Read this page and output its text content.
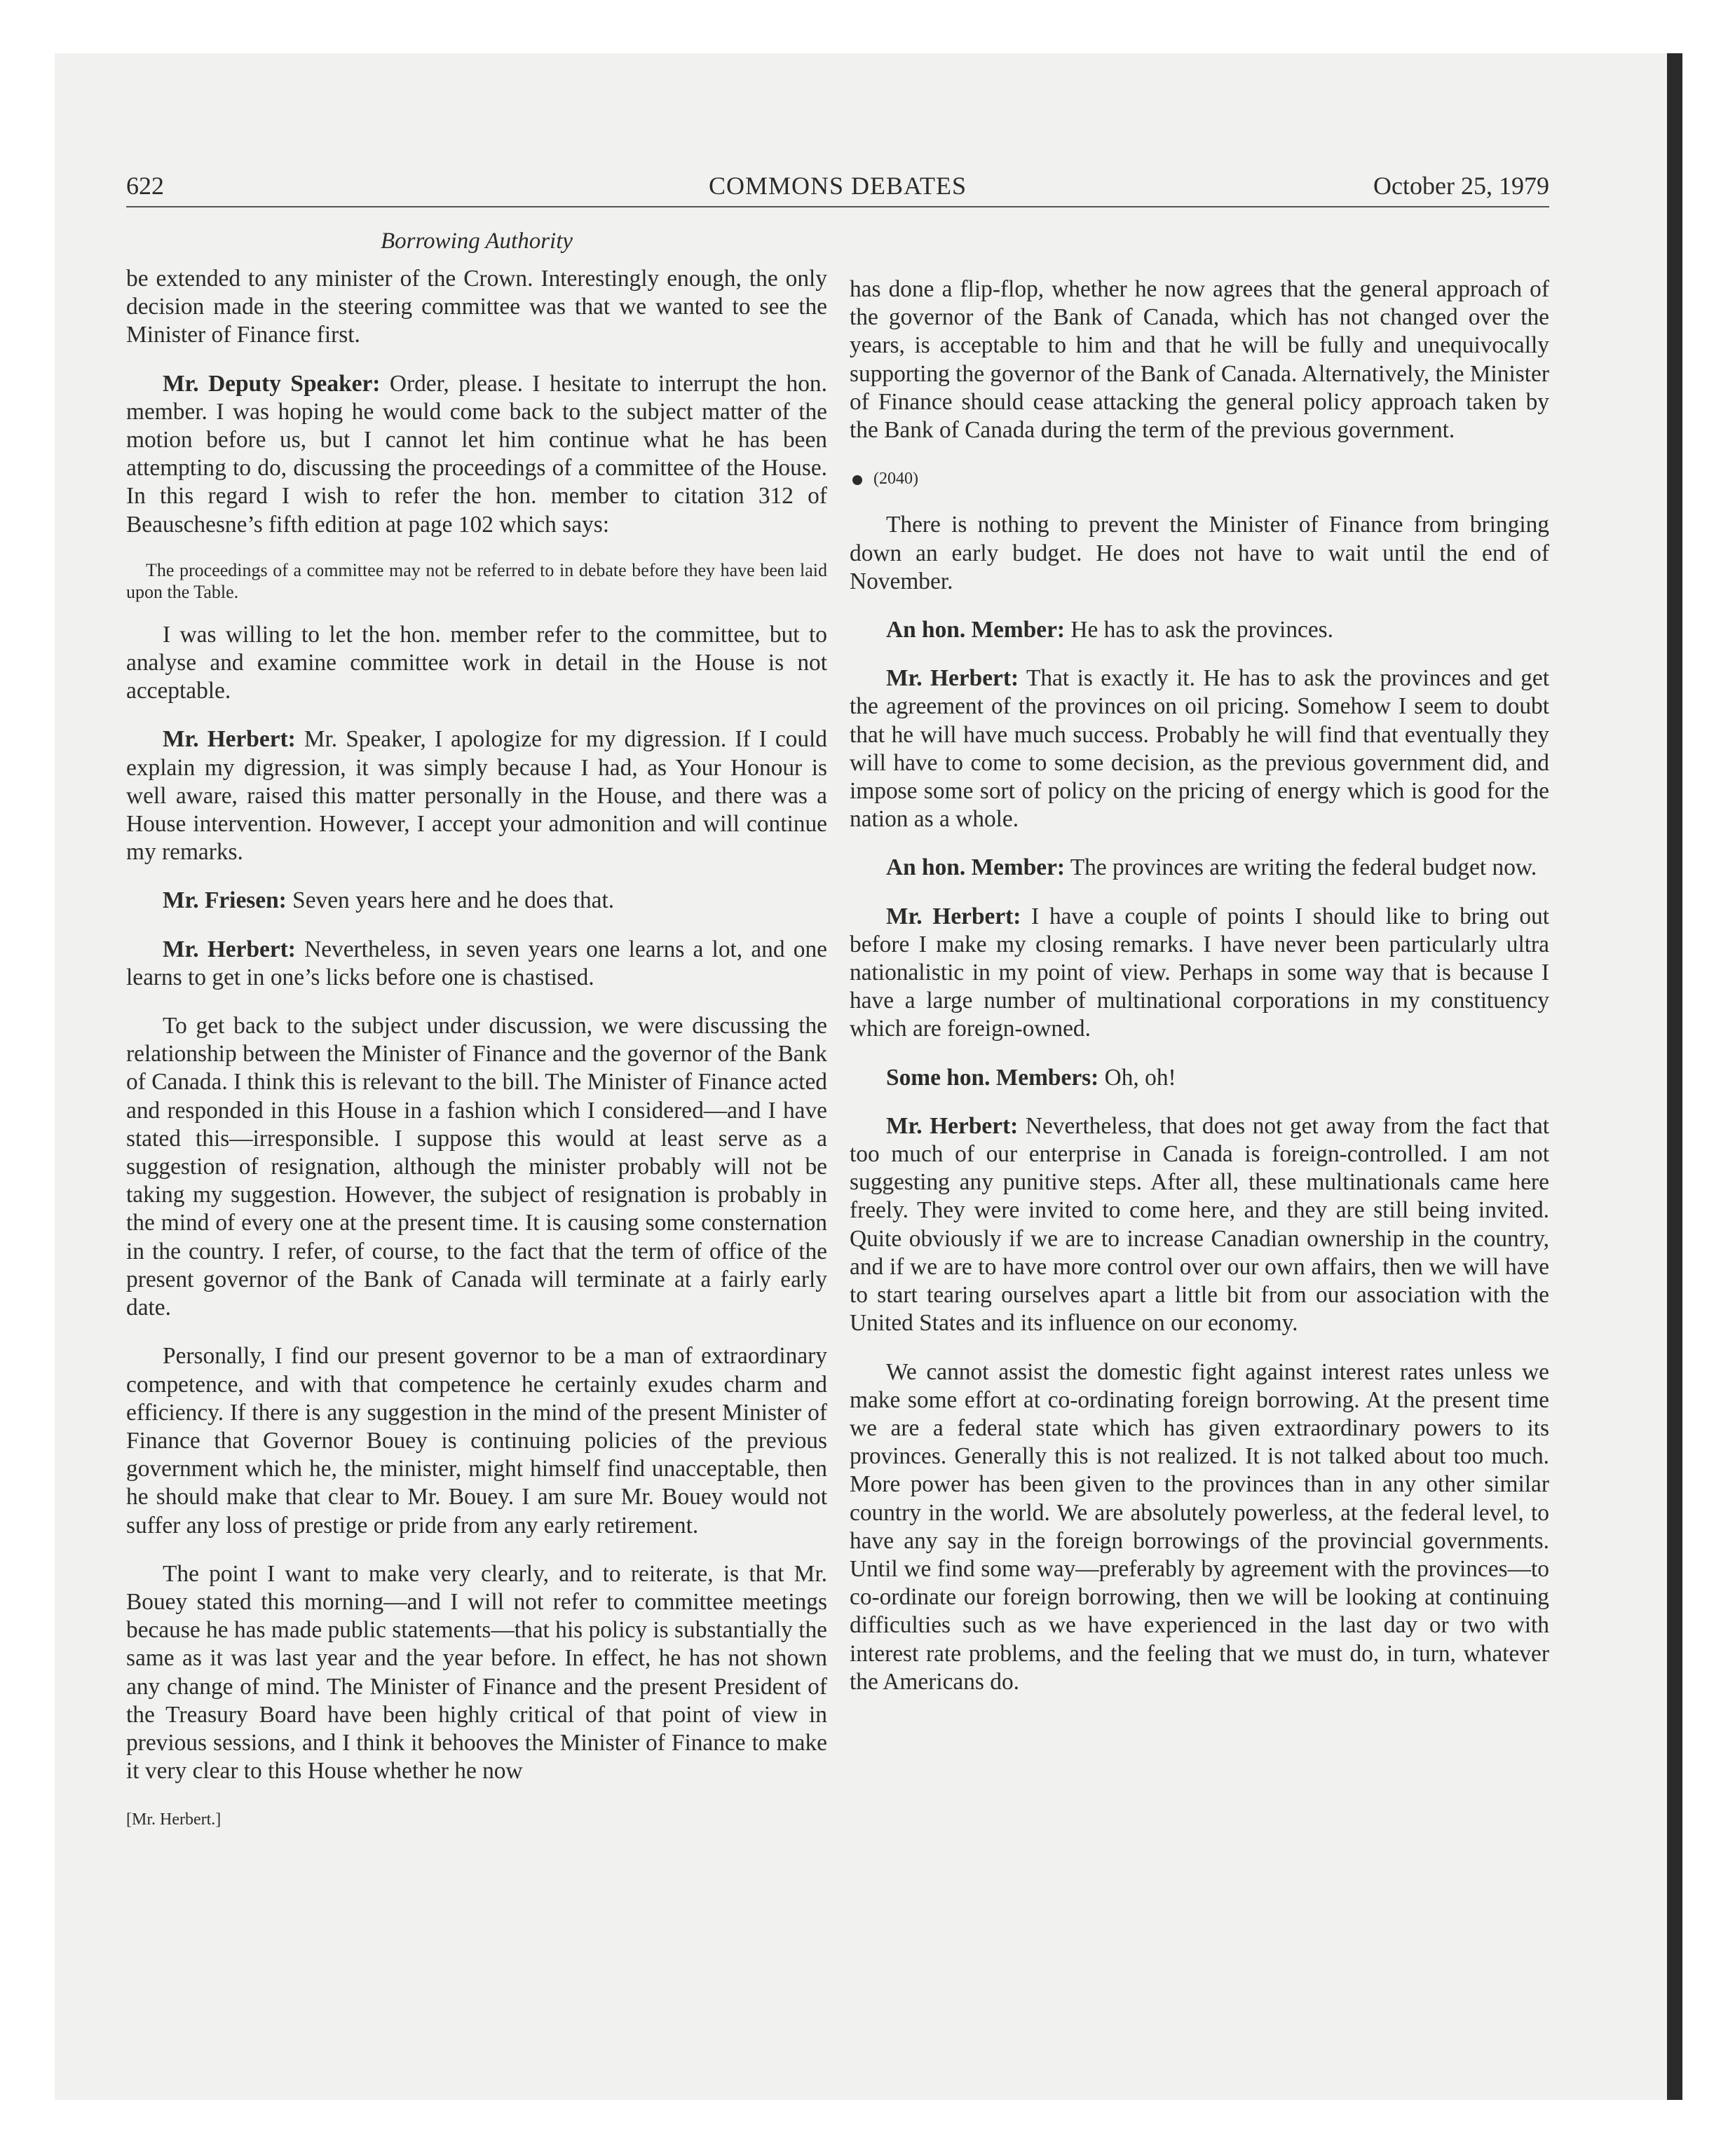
622	COMMONS DEBATES	October 25, 1979
Borrowing Authority

be extended to any minister of the Crown. Interestingly enough, the only decision made in the steering committee was that we wanted to see the Minister of Finance first.

Mr. Deputy Speaker: Order, please. I hesitate to interrupt the hon. member. I was hoping he would come back to the subject matter of the motion before us, but I cannot let him continue what he has been attempting to do, discussing the proceedings of a committee of the House. In this regard I wish to refer the hon. member to citation 312 of Beauschesne’s fifth edition at page 102 which says:

The proceedings of a committee may not be referred to in debate before they have been laid upon the Table.

I was willing to let the hon. member refer to the committee, but to analyse and examine committee work in detail in the House is not acceptable.

Mr. Herbert: Mr. Speaker, I apologize for my digression. If I could explain my digression, it was simply because I had, as Your Honour is well aware, raised this matter personally in the House, and there was a House intervention. However, I accept your admonition and will continue my remarks.

Mr. Friesen: Seven years here and he does that.

Mr. Herbert: Nevertheless, in seven years one learns a lot, and one learns to get in one’s licks before one is chastised.

To get back to the subject under discussion, we were discussing the relationship between the Minister of Finance and the governor of the Bank of Canada. I think this is relevant to the bill. The Minister of Finance acted and responded in this House in a fashion which I considered—and I have stated this—irresponsible. I suppose this would at least serve as a suggestion of resignation, although the minister probably will not be taking my suggestion. However, the subject of resignation is probably in the mind of every one at the present time. It is causing some consternation in the country. I refer, of course, to the fact that the term of office of the present governor of the Bank of Canada will terminate at a fairly early date.

Personally, I find our present governor to be a man of extraordinary competence, and with that competence he certainly exudes charm and efficiency. If there is any suggestion in the mind of the present Minister of Finance that Governor Bouey is continuing policies of the previous government which he, the minister, might himself find unacceptable, then he should make that clear to Mr. Bouey. I am sure Mr. Bouey would not suffer any loss of prestige or pride from any early retirement.

The point I want to make very clearly, and to reiterate, is that Mr. Bouey stated this morning—and I will not refer to committee meetings because he has made public statements—that his policy is substantially the same as it was last year and the year before. In effect, he has not shown any change of mind. The Minister of Finance and the present President of the Treasury Board have been highly critical of that point of view in previous sessions, and I think it behooves the Minister of Finance to make it very clear to this House whether he now

[Mr. Herbert.]

has done a flip-flop, whether he now agrees that the general approach of the governor of the Bank of Canada, which has not changed over the years, is acceptable to him and that he will be fully and unequivocally supporting the governor of the Bank of Canada. Alternatively, the Minister of Finance should cease attacking the general policy approach taken by the Bank of Canada during the term of the previous government.

(2040)

There is nothing to prevent the Minister of Finance from bringing down an early budget. He does not have to wait until the end of November.

An hon. Member: He has to ask the provinces.

Mr. Herbert: That is exactly it. He has to ask the provinces and get the agreement of the provinces on oil pricing. Somehow I seem to doubt that he will have much success. Probably he will find that eventually they will have to come to some decision, as the previous government did, and impose some sort of policy on the pricing of energy which is good for the nation as a whole.

An hon. Member: The provinces are writing the federal budget now.

Mr. Herbert: I have a couple of points I should like to bring out before I make my closing remarks. I have never been particularly ultra nationalistic in my point of view. Perhaps in some way that is because I have a large number of multinational corporations in my constituency which are foreign-owned.

Some hon. Members: Oh, oh!

Mr. Herbert: Nevertheless, that does not get away from the fact that too much of our enterprise in Canada is foreign-controlled. I am not suggesting any punitive steps. After all, these multinationals came here freely. They were invited to come here, and they are still being invited. Quite obviously if we are to increase Canadian ownership in the country, and if we are to have more control over our own affairs, then we will have to start tearing ourselves apart a little bit from our association with the United States and its influence on our economy.

We cannot assist the domestic fight against interest rates unless we make some effort at co-ordinating foreign borrowing. At the present time we are a federal state which has given extraordinary powers to its provinces. Generally this is not realized. It is not talked about too much. More power has been given to the provinces than in any other similar country in the world. We are absolutely powerless, at the federal level, to have any say in the foreign borrowings of the provincial governments. Until we find some way—preferably by agreement with the provinces—to co-ordinate our foreign borrowing, then we will be looking at continuing difficulties such as we have experienced in the last day or two with interest rate problems, and the feeling that we must do, in turn, whatever the Americans do.
